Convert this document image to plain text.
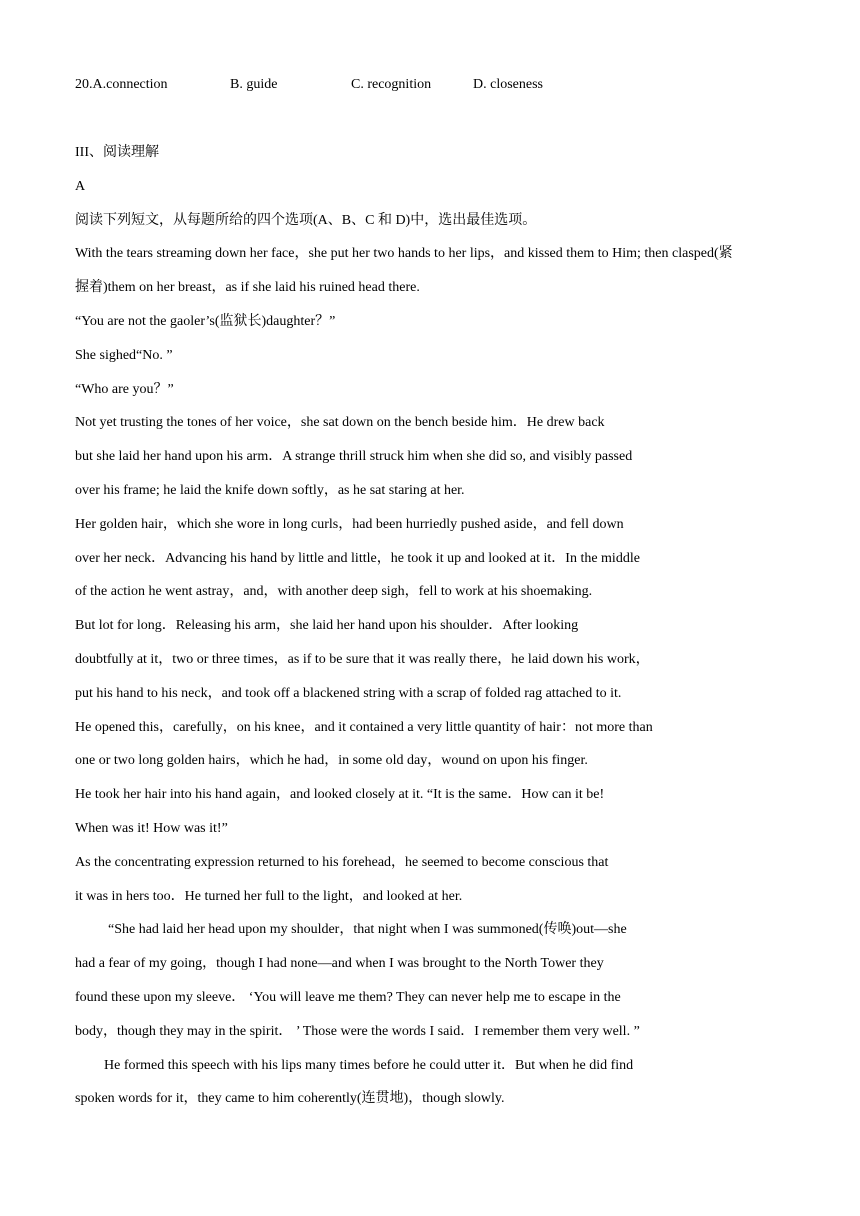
20.A.connection	B. guide	C. recognition	D. closeness
III、阅读理解
A
阅读下列短文，从每题所给的四个选项(A、B、C 和 D)中，选出最佳选项。
With the tears streaming down her face，she put her two hands to her lips，and kissed them to Him; then clasped(紧
握着)them on her breast，as if she laid his ruined head there.
“You are not the gaoler’s(监狱长)daughter？”
She sighed“No. ”
“Who are you？”
Not yet trusting the tones of her voice，she sat down on the bench beside him．He drew back
but she laid her hand upon his arm．A strange thrill struck him when she did so, and visibly passed
over his frame; he laid the knife down softly，as he sat staring at her.
Her golden hair，which she wore in long curls，had been hurriedly pushed aside，and fell down
over her neck．Advancing his hand by little and little，he took it up and looked at it．In the middle
of the action he went astray，and，with another deep sigh，fell to work at his shoemaking.
But lot for long．Releasing his arm，she laid her hand upon his shoulder．After looking
doubtfully at it，two or three times，as if to be sure that it was really there，he laid down his work，
put his hand to his neck，and took off a blackened string with a scrap of folded rag attached to it.
He opened this，carefully，on his knee，and it contained a very little quantity of hair：not more than
one or two long golden hairs，which he had，in some old day，wound on upon his finger.
He took her hair into his hand again，and looked closely at it. “It is the same．How can it be!
When was it! How was it!”
As the concentrating expression returned to his forehead，he seemed to become conscious that
it was in hers too．He turned her full to the light，and looked at her.
“She had laid her head upon my shoulder，that night when I was summoned(传唤)out—she
had a fear of my going，though I had none—and when I was brought to the North Tower they
found these upon my sleeve． ‘You will leave me them? They can never help me to escape in the
body，though they may in the spirit． ’ Those were the words I said．I remember them very well. ”
He formed this speech with his lips many times before he could utter it．But when he did find
spoken words for it，they came to him coherently(连贯地)，though slowly.
